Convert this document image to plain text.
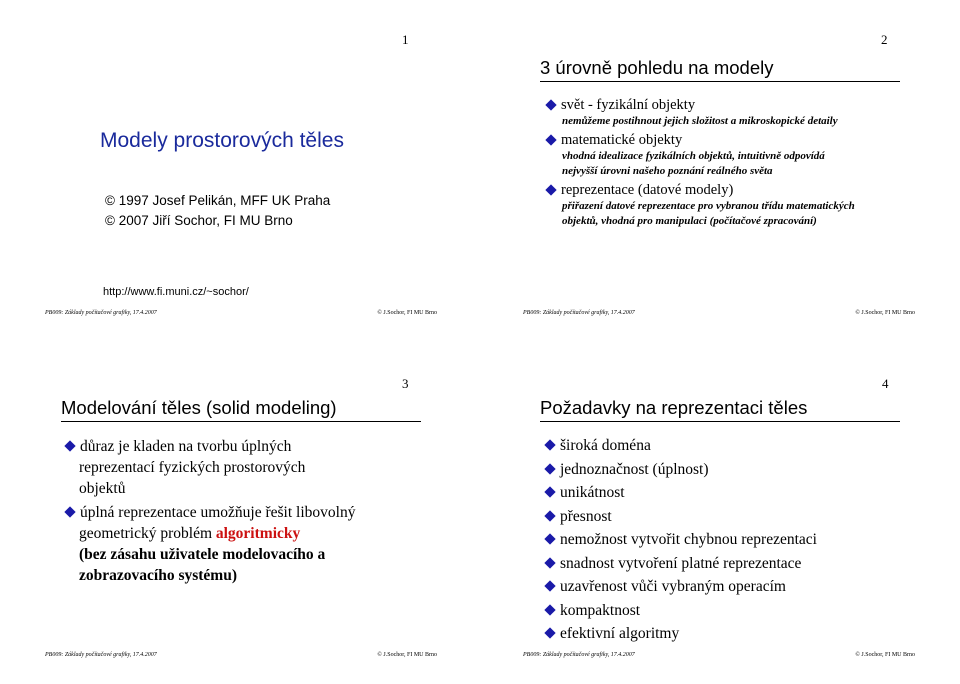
1
Modely prostorových těles
© 1997 Josef Pelikán, MFF UK Praha
© 2007 Jiří Sochor, FI MU Brno
http://www.fi.muni.cz/~sochor/
PB009: Základy počítačové grafiky, 17.4.2007	© J.Sochor, FI MU Brno
2
3 úrovně pohledu na modely
svět - fyzikální objekty
nemůžeme postihnout jejich složitost a mikroskopické detaily
matematické objekty
vhodná idealizace fyzikálních objektů, intuitivně odpovídá nejvyšší úrovni našeho poznání reálného světa
reprezentace (datové modely)
přiřazení datové reprezentace pro vybranou třídu matematických objektů, vhodná pro manipulaci (počítačové zpracování)
PB009: Základy počítačové grafiky, 17.4.2007	© J.Sochor, FI MU Brno
3
Modelování těles (solid modeling)
důraz je kladen na tvorbu úplných
reprezentací fyzických prostorových
objektů
úplná reprezentace umožňuje řešit libovolný
geometrický problém algoritmicky
(bez zásahu uživatele modelovacího a
zobrazovacího systému)
PB009: Základy počítačové grafiky, 17.4.2007	© J.Sochor, FI MU Brno
4
Požadavky na reprezentaci těles
široká doména
jednoznačnost (úplnost)
unikátnost
přesnost
nemožnost vytvořit chybnou reprezentaci
snadnost vytvoření platné reprezentace
uzavřenost vůči vybraným operacím
kompaktnost
efektivní algoritmy
PB009: Základy počítačové grafiky, 17.4.2007	© J.Sochor, FI MU Brno
